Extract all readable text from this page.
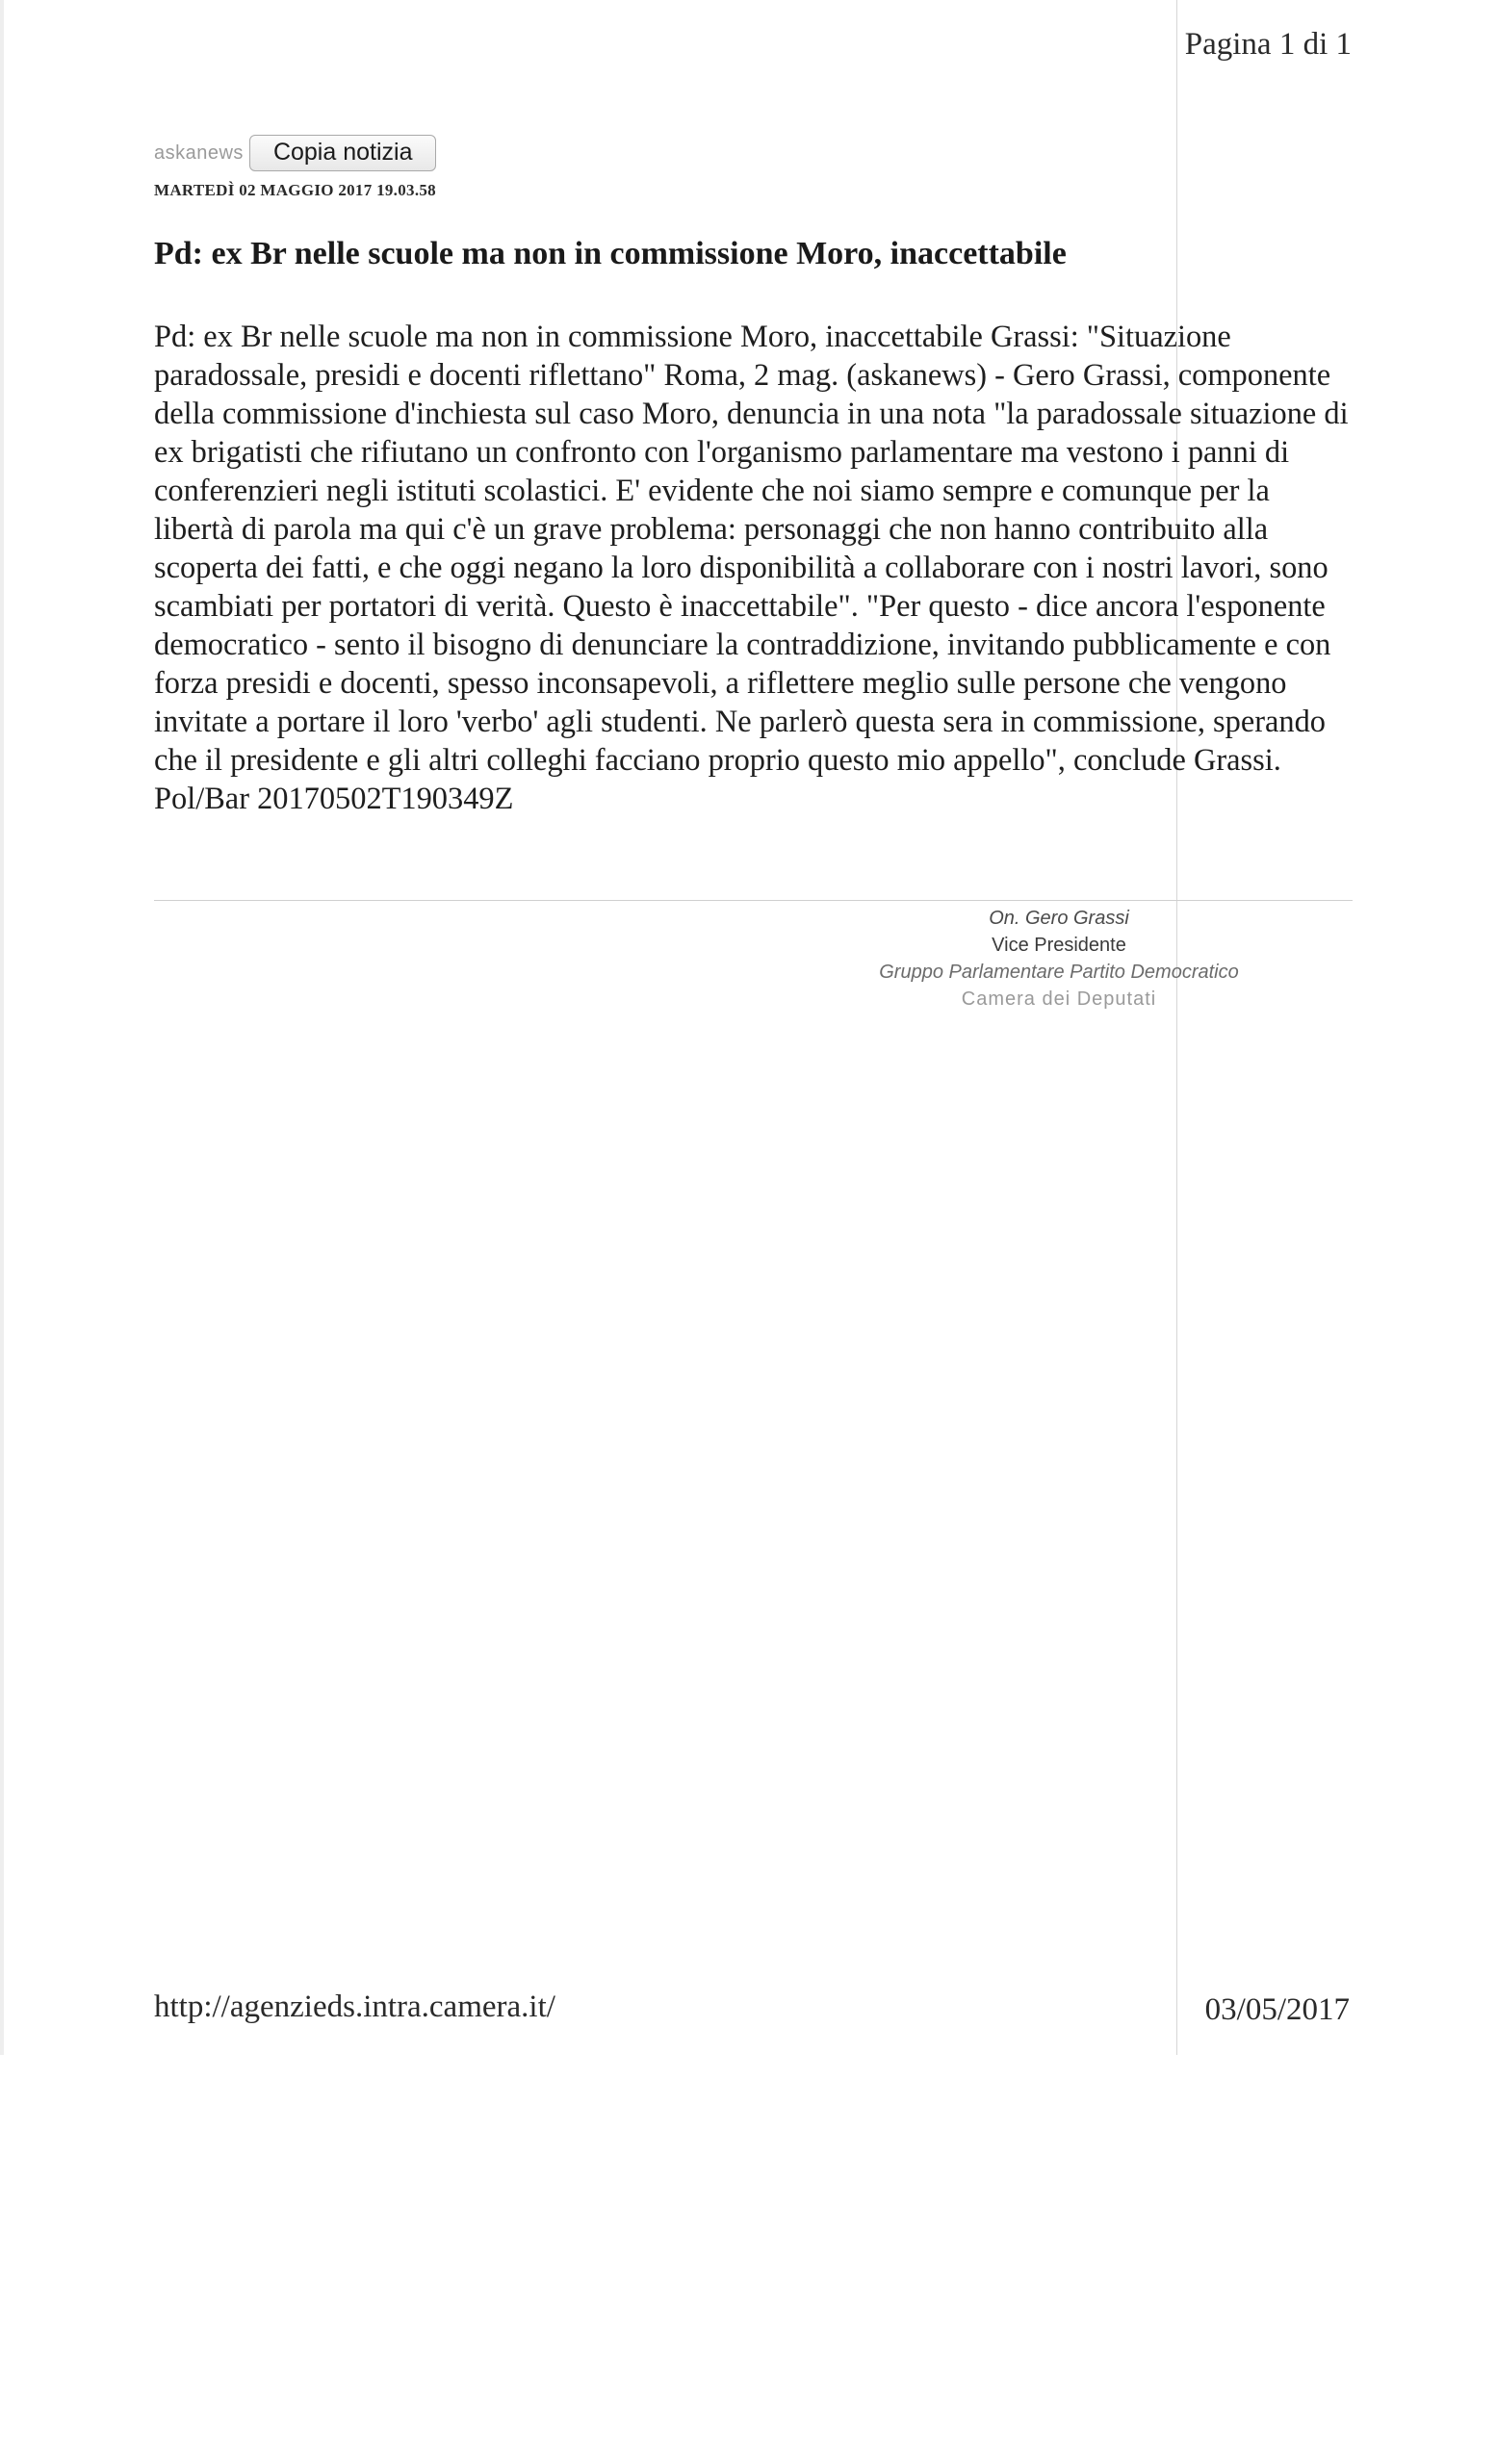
Pagina 1 di 1
askanews	Copia notizia
MARTEDÌ 02 MAGGIO 2017 19.03.58
Pd: ex Br nelle scuole ma non in commissione Moro, inaccettabile

Pd: ex Br nelle scuole ma non in commissione Moro, inaccettabile Grassi: "Situazione paradossale, presidi e docenti riflettano" Roma, 2 mag. (askanews) - Gero Grassi, componente della commissione d'inchiesta sul caso Moro, denuncia in una nota "la paradossale situazione di ex brigatisti che rifiutano un confronto con l'organismo parlamentare ma vestono i panni di conferenzieri negli istituti scolastici. E' evidente che noi siamo sempre e comunque per la libertà di parola ma qui c'è un grave problema: personaggi che non hanno contribuito alla scoperta dei fatti, e che oggi negano la loro disponibilità a collaborare con i nostri lavori, sono scambiati per portatori di verità. Questo è inaccettabile". "Per questo - dice ancora l'esponente democratico - sento il bisogno di denunciare la contraddizione, invitando pubblicamente e con forza presidi e docenti, spesso inconsapevoli, a riflettere meglio sulle persone che vengono invitate a portare il loro 'verbo' agli studenti. Ne parlerò questa sera in commissione, sperando che il presidente e gli altri colleghi facciano proprio questo mio appello", conclude Grassi. Pol/Bar 20170502T190349Z

On. Gero Grassi
Vice Presidente
Gruppo Parlamentare Partito Democratico
Camera dei Deputati
http://agenzieds.intra.camera.it/	03/05/2017
